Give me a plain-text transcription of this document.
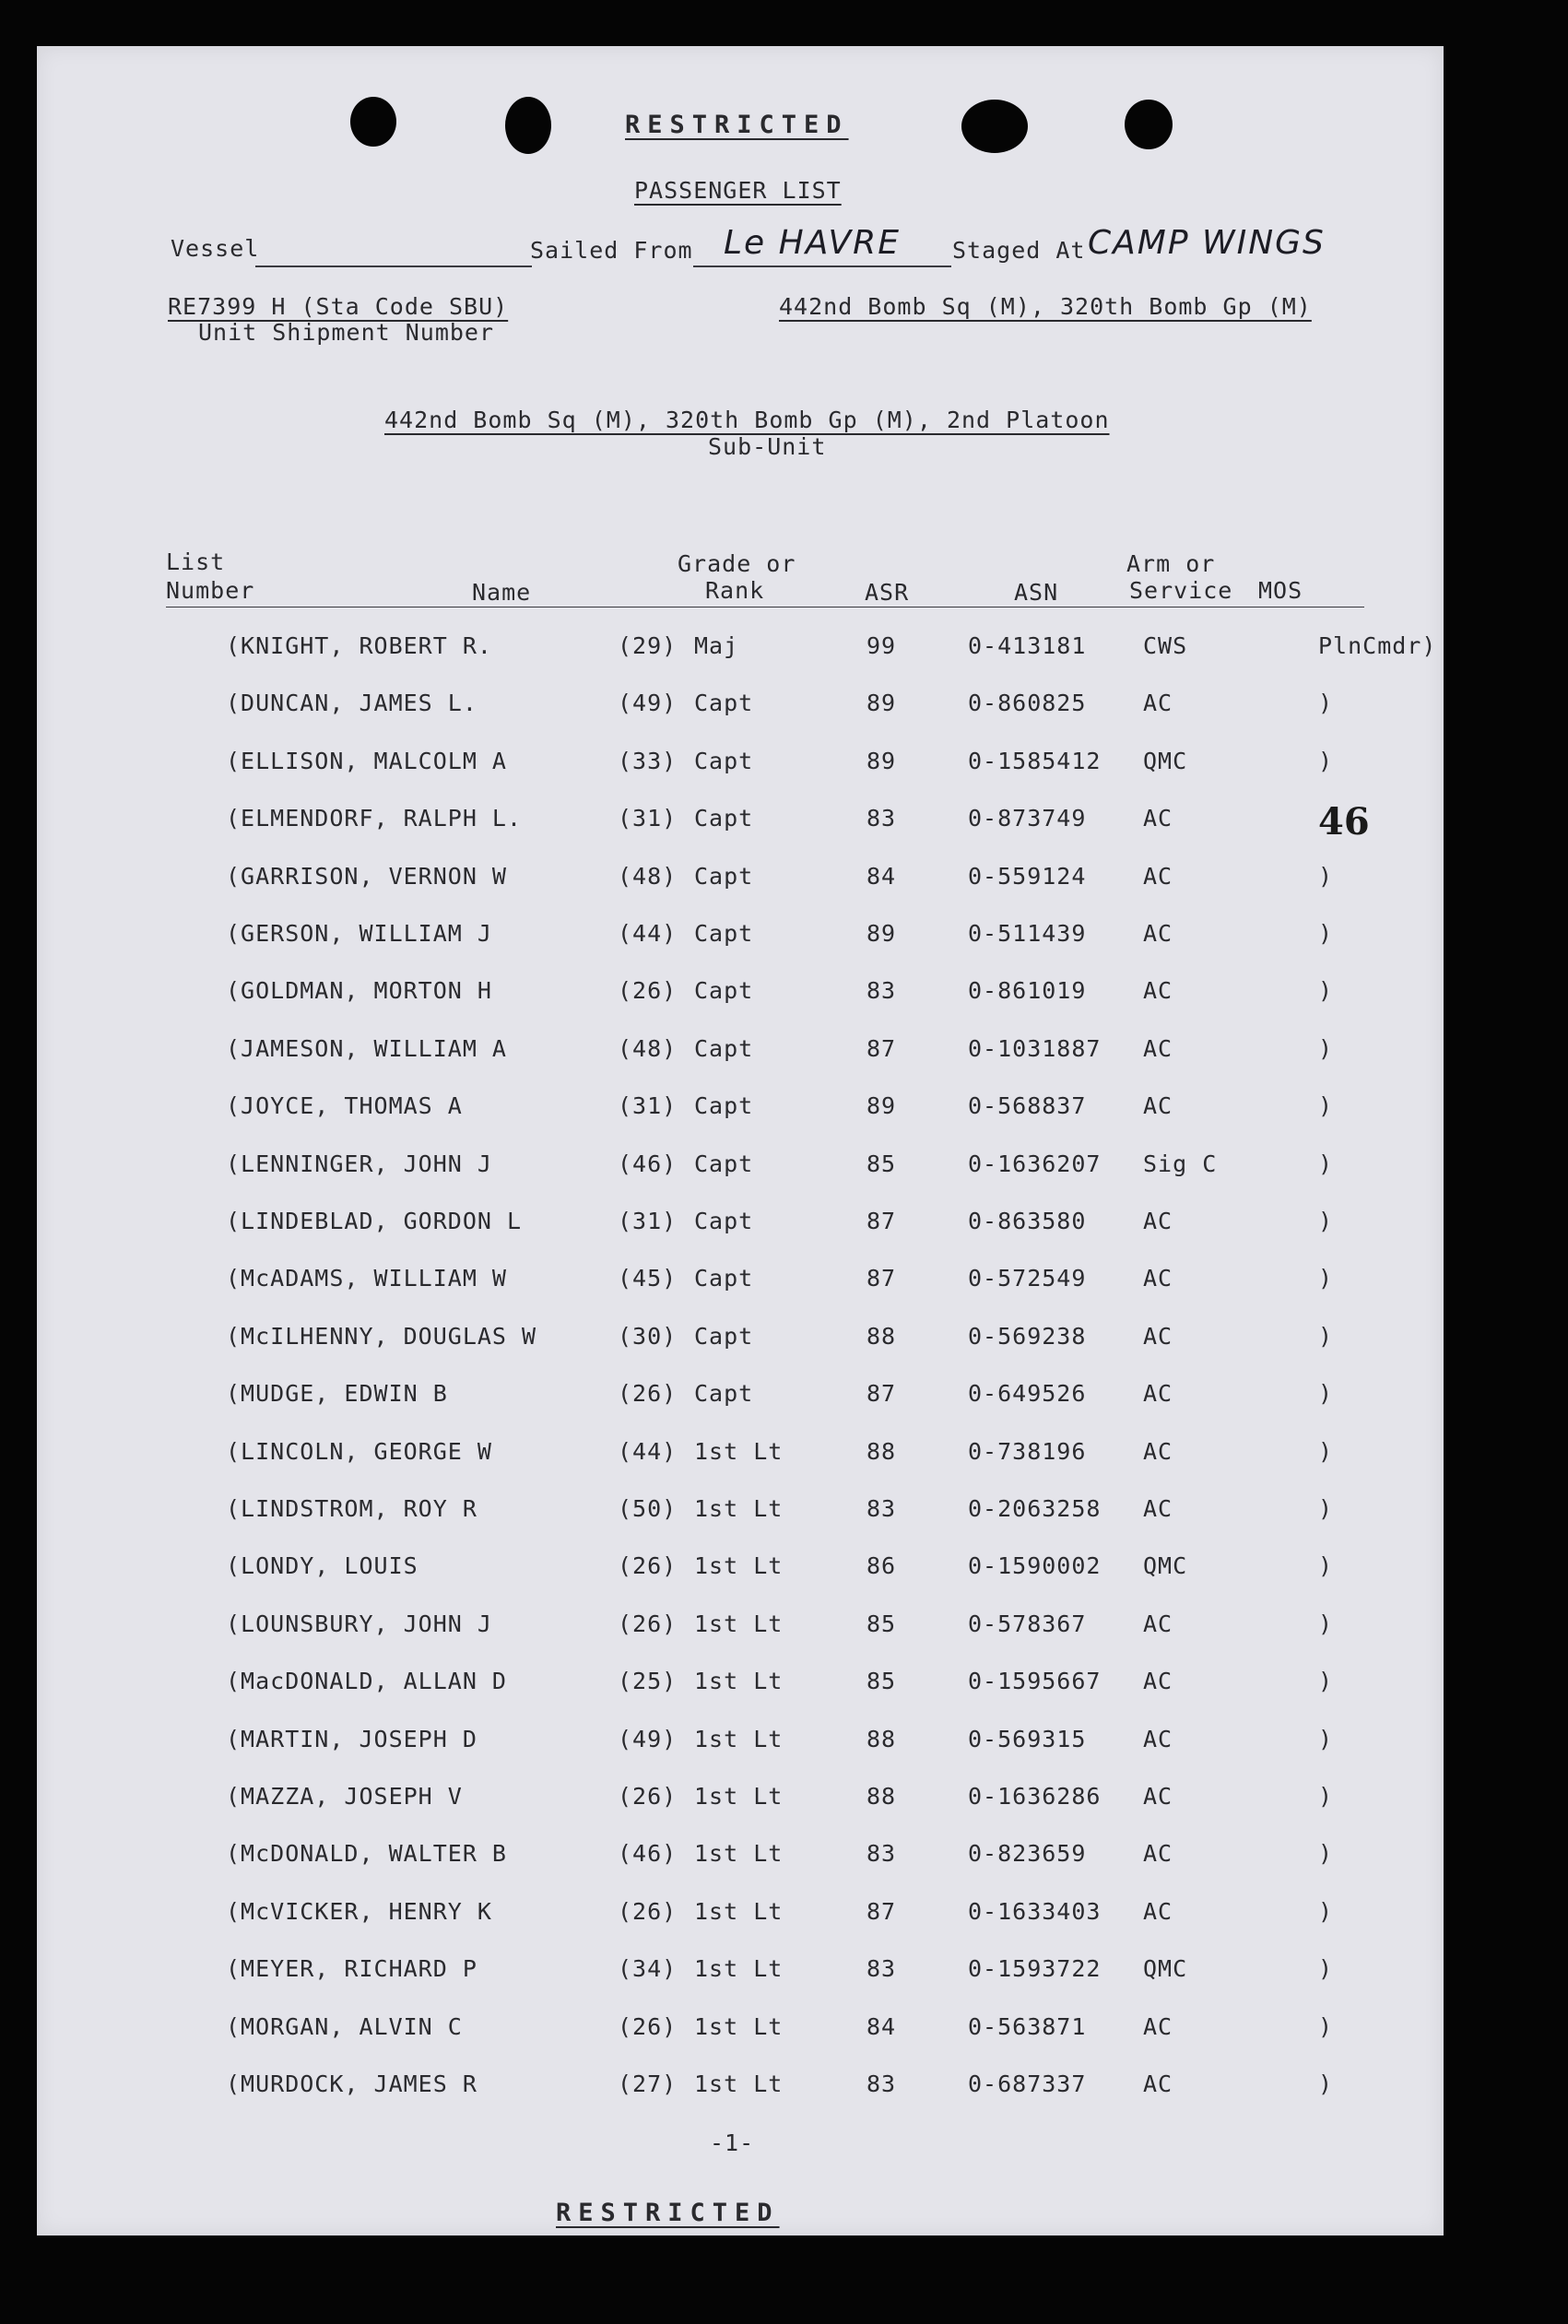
RESTRICTED
PASSENGER LIST
Vessel	Sailed From Le HAVRE Staged At CAMP WINGS
RE7399 H (Sta Code SBU)
Unit Shipment Number
442nd Bomb Sq (M), 320th Bomb Gp (M)
442nd Bomb Sq (M), 320th Bomb Gp (M), 2nd Platoon
Sub-Unit
List
Number	Name
Grade or
Rank	ASR	ASN
Arm or
Service MOS
(KNIGHT, ROBERT R.	(29) Maj	99	0-413181 CWS	PlnCmdr)
(DUNCAN, JAMES L.	(49) Capt	89	0-860825 AC	)
(ELLISON, MALCOLM A	(33) Capt	89	0-1585412 QMC	)
(ELMENDORF, RALPH L.	(31) Capt	83	0-873749 AC
(GARRISON, VERNON W	(48) Capt	84	0-559124 AC	)
(GERSON, WILLIAM J	(44) Capt	89	0-511439 AC	)
(GOLDMAN, MORTON H	(26) Capt	83	0-861019 AC	)
(JAMESON, WILLIAM A	(48) Capt	87	0-1031887 AC	)
(JOYCE, THOMAS A	(31) Capt	89	0-568837 AC	)
(LENNINGER, JOHN J	(46) Capt	85	0-1636207 Sig C	)
(LINDEBLAD, GORDON L	(31) Capt	87	0-863580 AC	)
(McADAMS, WILLIAM W	(45) Capt	87	0-572549 AC	)
(McILHENNY, DOUGLAS W	(30) Capt	88	0-569238 AC	)
(MUDGE, EDWIN B	(26) Capt	87	0-649526 AC	)
(LINCOLN, GEORGE W	(44) 1st Lt	88	0-738196 AC	)
(LINDSTROM, ROY R	(50) 1st Lt	83	0-2063258 AC	)
(LONDY, LOUIS	(26) 1st Lt	86	0-1590002 QMC	)
(LOUNSBURY, JOHN J	(26) 1st Lt	85	0-578367 AC	)
(MacDONALD, ALLAN D	(25) 1st Lt	85	0-1595667 AC	)
(MARTIN, JOSEPH D	(49) 1st Lt	88	0-569315 AC	)
(MAZZA, JOSEPH V	(26) 1st Lt	88	0-1636286 AC	)
(McDONALD, WALTER B	(46) 1st Lt	83	0-823659 AC	)
(McVICKER, HENRY K	(26) 1st Lt	87	0-1633403 AC	)
(MEYER, RICHARD P	(34) 1st Lt	83	0-1593722 QMC	)
(MORGAN, ALVIN C	(26) 1st Lt	84	0-563871 AC	)
(MURDOCK, JAMES R	(27) 1st Lt	83	0-687337 AC	)
46
-1-
RESTRICTED
